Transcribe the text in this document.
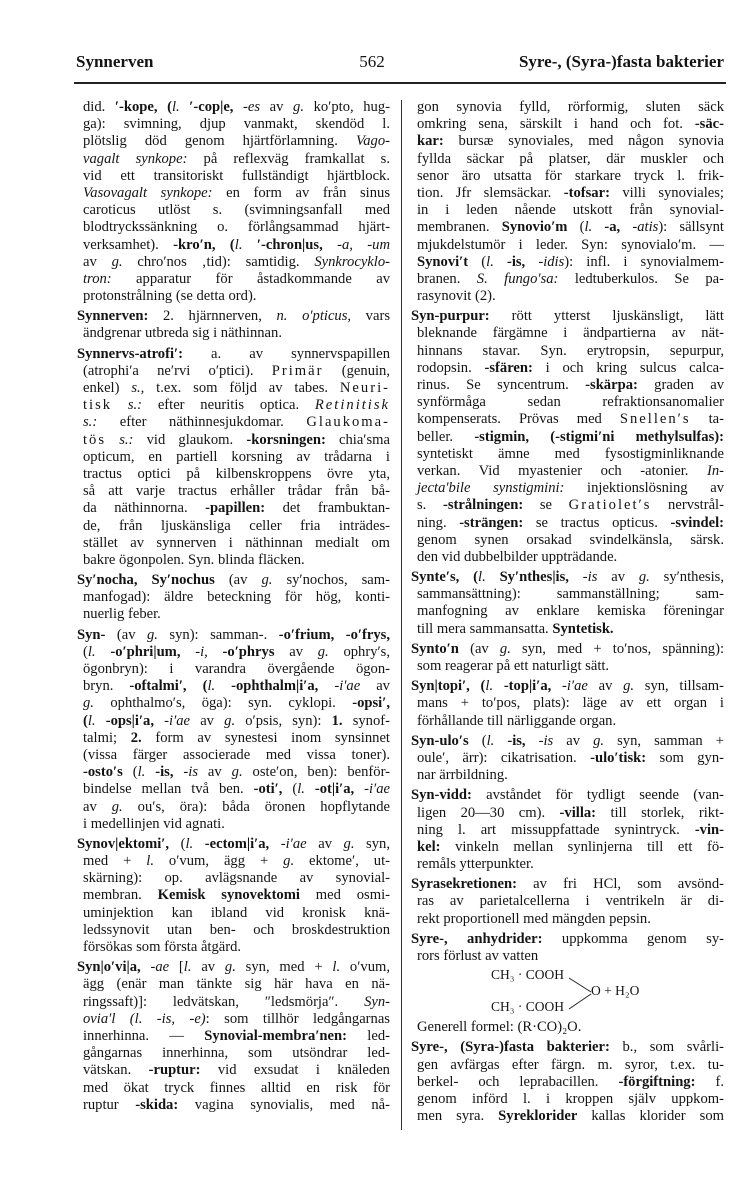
Synnerven	562	Syre-, (Syra-)fasta bakterier
did. ′-kope, (l. ′-cop|e, -es av g. ko′pto, hug-
ga): svimning, djup vanmakt, skendöd l.
plötslig död genom hjärtförlamning. Vago-
vagalt synkope: på reflexväg framkallat s.
vid ett transitoriskt fullständigt hjärtblock.
Vasovagalt synkope: en form av från sinus
caroticus utlöst s. (svimningsanfall med
blodtryckssänkning o. förlångsammad hjärt-
verksamhet). -kro′n, (l. ′-chron|us, -a, -um
av g. chro′nos ‚tid): samtidig. Synkrocyklo-
tron: apparatur för åstadkommande av
protonstrålning (se detta ord).
Synnerven: 2. hjärnnerven, n. o′pticus, vars
ändgrenar utbreda sig i näthinnan.
Synnervs-atrofi′: a. av synnervspapillen
(atrophi′a ne′rvi o′ptici). Primär (genuin,
enkel) s., t.ex. som följd av tabes. Neuri-
tisk s.: efter neuritis optica. Retinitisk
s.: efter näthinnesjukdomar. Glaukoma-
tös s.: vid glaukom. -korsningen: chia′sma
opticum, en partiell korsning av trådarna i
tractus optici på kilbenskroppens övre yta,
så att varje tractus erhåller trådar från bå-
da näthinnorna. -papillen: det frambuktan-
de, från ljuskänsliga celler fria inträdes-
stället av synnerven i näthinnan medialt om
bakre ögonpolen. Syn. blinda fläcken.
Sy′nocha, Sy′nochus (av g. sy′nochos, sam-
manfogad): äldre beteckning för hög, konti-
nuerlig feber.
Syn- (av g. syn): samman-. -o′frium, -o′frys,
(l. -o′phri|um, -i, -o′phrys av g. ophry′s,
ögonbryn): i varandra övergående ögon-
bryn. -oftalmi′, (l. -ophthalm|i′a, -i′ae av
g. ophthalmo′s, öga): syn. cyklopi. -opsi′,
(l. -ops|i′a, -i′ae av g. o′psis, syn): 1. synof-
talmi; 2. form av synestesi inom synsinnet
(vissa färger associerade med vissa toner).
-osto′s (l. -is, -is av g. oste′on, ben): benför-
bindelse mellan två ben. -oti′, (l. -ot|i′a, -i′ae
av g. ou′s, öra): båda öronen hopflytande
i medellinjen vid agnati.
Synov|ektomi′, (l. -ectom|i′a, -i′ae av g. syn,
med + l. o′vum, ägg + g. ektome′, ut-
skärning): op. avlägsnande av synovial-
membran. Kemisk synovektomi med osmi-
uminjektion kan ibland vid kronisk knä-
ledssynovit utan ben- och broskdestruktion
försökas som första åtgärd.
Syn|o′vi|a, -ae [l. av g. syn, med + l. o′vum,
ägg (enär man tänkte sig här hava en nä-
ringssaft)]: ledvätskan, ″ledsmörja″. Syn-
ovia′l (l. -is, -e): som tillhör ledgångarnas
innerhinna. — Synovial-membra′nen: led-
gångarnas innerhinna, som utsöndrar led-
vätskan. -ruptur: vid exsudat i knäleden
med ökat tryck finnes alltid en risk för
ruptur -skida: vagina synovialis, med nå-
gon synovia fylld, rörformig, sluten säck
omkring sena, särskilt i hand och fot. -säc-
kar: bursæ synoviales, med någon synovia
fyllda säckar på platser, där muskler och
senor äro utsatta för starkare tryck l. frik-
tion. Jfr slemsäckar. -tofsar: villi synoviales;
in i leden nående utskott från synovial-
membranen. Synovio′m (l. -a, -atis): sällsynt
mjukdelstumör i leder. Syn: synovialo′m. —
Synovi′t (l. -is, -idis): infl. i synovialmem-
branen. S. fungo′sa: ledtuberkulos. Se pa-
rasynovit (2).
Syn-purpur: rött ytterst ljuskänsligt, lätt
bleknande färgämne i ändpartierna av nät-
hinnans stavar. Syn. erytropsin, sepurpur,
rodopsin. -sfären: i och kring sulcus calca-
rinus. Se syncentrum. -skärpa: graden av
synförmåga sedan refraktionsanomalier
kompenserats. Prövas med Snellen′s ta-
beller. -stigmin, (-stigmi′ni methylsulfas):
syntetiskt ämne med fysostigminliknande
verkan. Vid myastenier och -atonier. In-
jecta′bile synstigmini: injektionslösning av
s. -strålningen: se Gratiolet′s nervstrål-
ning. -strängen: se tractus opticus. -svindel:
genom synen orsakad svindelkänsla, särsk.
den vid dubbelbilder uppträdande.
Synte′s, (l. Sy′nthes|is, -is av g. sy′nthesis,
sammansättning): sammanställning; sam-
manfogning av enklare kemiska föreningar
till mera sammansatta. Syntetisk.
Synto′n (av g. syn, med + to′nos, spänning):
som reagerar på ett naturligt sätt.
Syn|topi′, (l. -top|i′a, -i′ae av g. syn, tillsam-
mans + to′pos, plats): läge av ett organ i
förhållande till närliggande organ.
Syn-ulo′s (l. -is, -is av g. syn, samman +
oule′, ärr): cikatrisation. -ulo′tisk: som gyn-
nar ärrbildning.
Syn-vidd: avståndet för tydligt seende (van-
ligen 20—30 cm). -villa: till storlek, rikt-
ning l. art missuppfattade synintryck. -vin-
kel: vinkeln mellan synlinjerna till ett fö-
remåls ytterpunkter.
Syrasekretionen: av fri HCl, som avsönd-
ras av parietalcellerna i ventrikeln är di-
rekt proportionell med mängden pepsin.
Syre-, anhydrider: uppkomma genom sy-
rors förlust av vatten
CH₃ · COOH
CH₃ · COOH
O + H₂O
Generell formel: (R·CO)₂O.
Syre-, (Syra-)fasta bakterier: b., som svårli-
gen avfärgas efter färgn. m. syror, t.ex. tu-
berkel- och leprabacillen. -förgiftning: f.
genom införd l. i kroppen själv uppkom-
men syra. Syreklorider kallas klorider som
